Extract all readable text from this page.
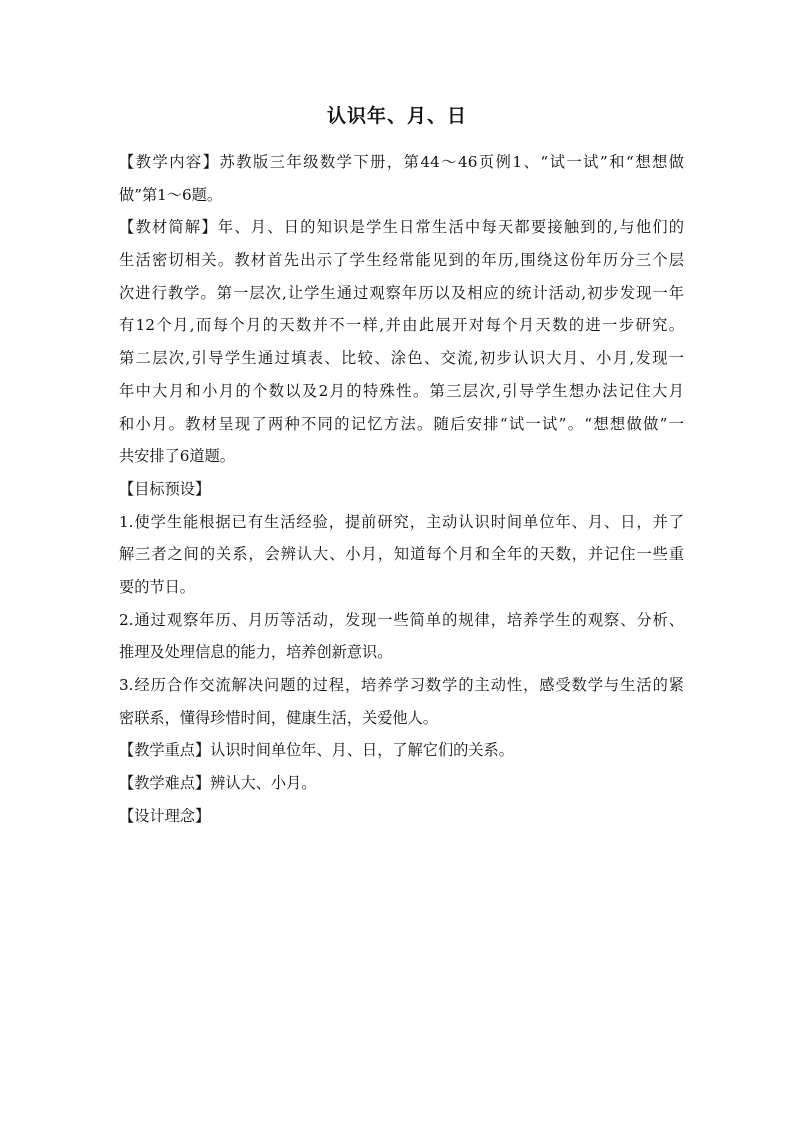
认识年、月、日
【教学内容】苏教版三年级数学下册，第44～46页例1、“试一试”和“想想做
做”第1～6题。
【教材简解】年、月、日的知识是学生日常生活中每天都要接触到的,与他们的
生活密切相关。教材首先出示了学生经常能见到的年历,围绕这份年历分三个层
次进行教学。第一层次,让学生通过观察年历以及相应的统计活动,初步发现一年
有12个月,而每个月的天数并不一样,并由此展开对每个月天数的进一步研究。
第二层次,引导学生通过填表、比较、涂色、交流,初步认识大月、小月,发现一
年中大月和小月的个数以及2月的特殊性。第三层次,引导学生想办法记住大月
和小月。教材呈现了两种不同的记忆方法。随后安排“试一试”。“想想做做”一
共安排了6道题。
【目标预设】
1.使学生能根据已有生活经验，提前研究，主动认识时间单位年、月、日，并了
解三者之间的关系，会辨认大、小月，知道每个月和全年的天数，并记住一些重
要的节日。
2.通过观察年历、月历等活动，发现一些简单的规律，培养学生的观察、分析、
推理及处理信息的能力，培养创新意识。
3.经历合作交流解决问题的过程，培养学习数学的主动性，感受数学与生活的紧
密联系，懂得珍惜时间，健康生活，关爱他人。
【教学重点】认识时间单位年、月、日，了解它们的关系。
【教学难点】辨认大、小月。
【设计理念】
